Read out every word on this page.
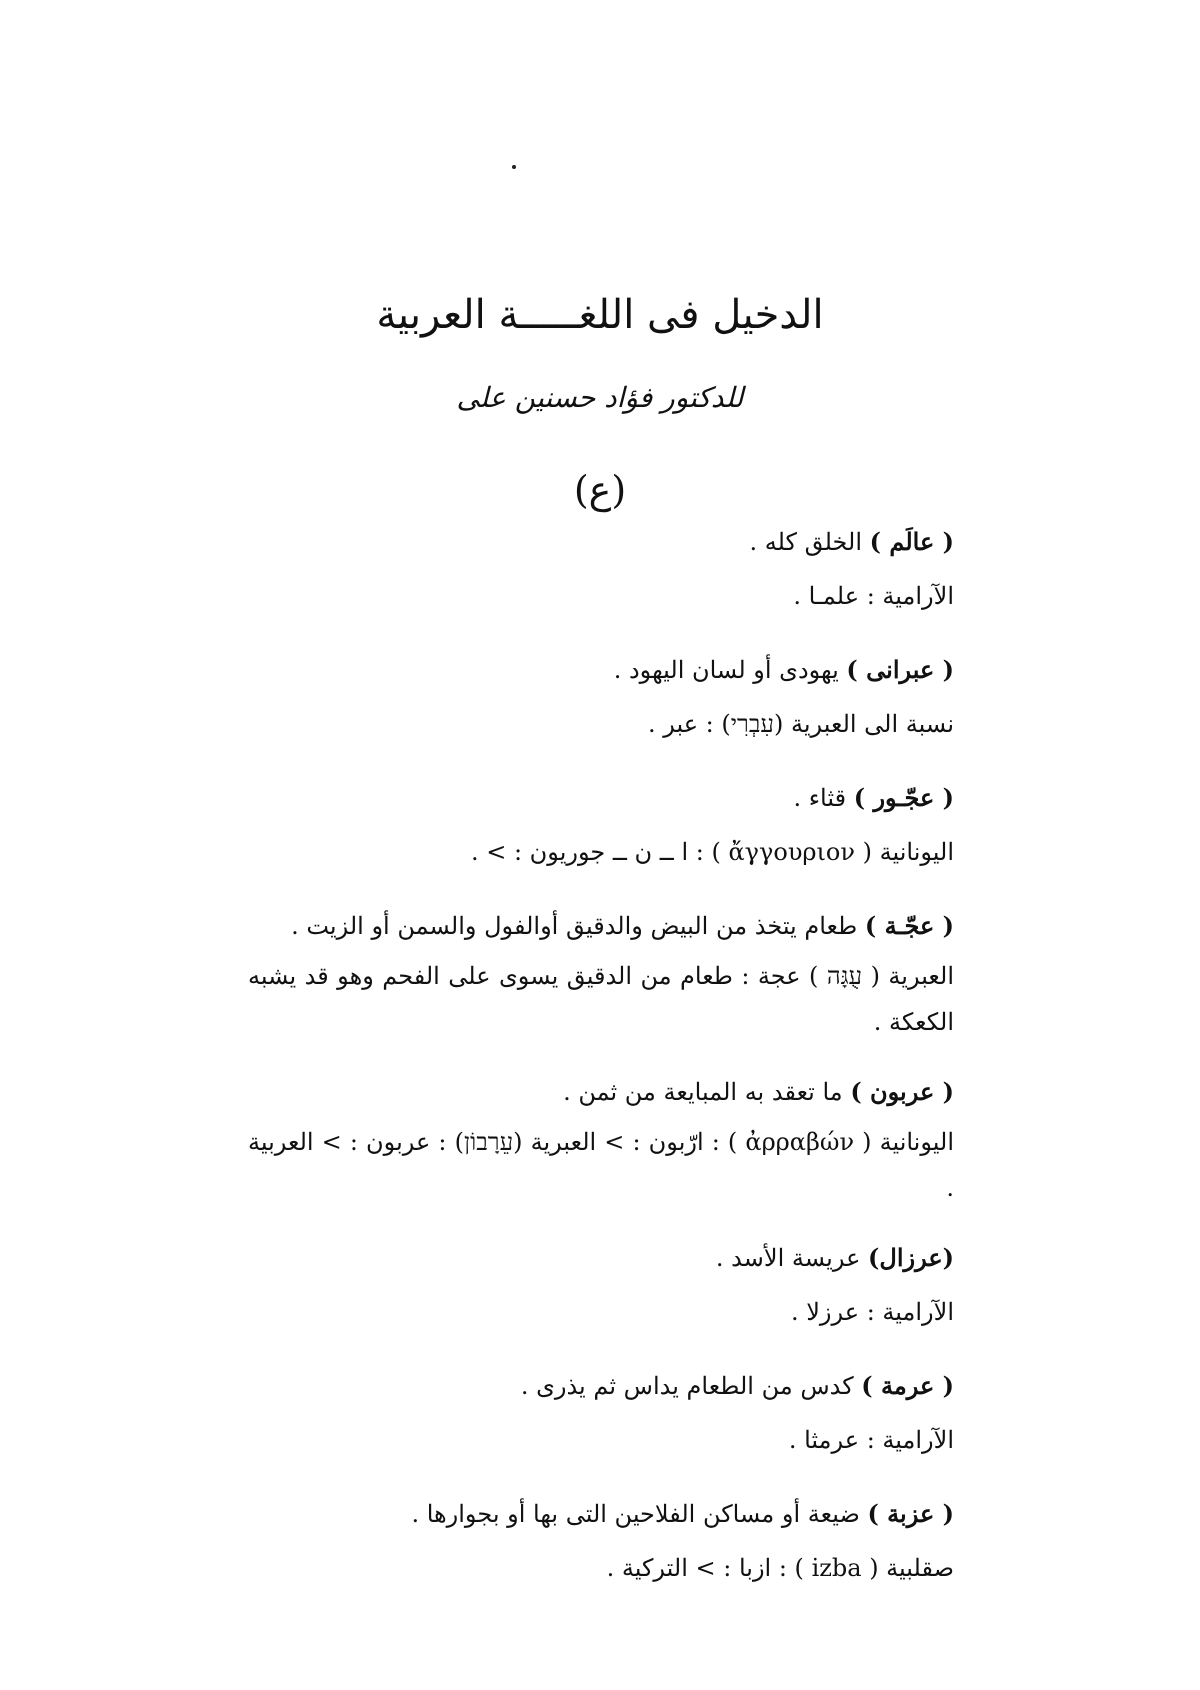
الدخيل فى اللغـــــة العربية
للدكتور فؤاد حسنين على
(ع)
( عالَم ) الخلق كله .
الآرامية : علمـا .
( عبرانى ) يهودى أو لسان اليهود .
نسبة الى العبرية (עִבְרִי) : عبر .
( عجّـور ) قثاء .
اليونانية ( ἄγγουριον ) : ا ــ ن ــ جوريون : > .
( عجّـة ) طعام يتخذ من البيض والدقيق أوالفول والسمن أو الزيت .
العبرية ( עֻגָּה ) عجة : طعام من الدقيق يسوى على الفحم وهو قد يشبه الكعكة .
( عربون ) ما تعقد به المبايعة من ثمن .
اليونانية ( ἀρραβών ) : ارّبون : > العبرية (עֵרָבוֹן) : عربون : > العربية .
(عرزال) عريسة الأسد .
الآرامية : عرزلا .
( عرمة ) كدس من الطعام يداس ثم يذرى .
الآرامية : عرمثا .
( عزبة ) ضيعة أو مساكن الفلاحين التى بها أو بجوارها .
صقلبية ( izba ) : ازبا : > التركية .
